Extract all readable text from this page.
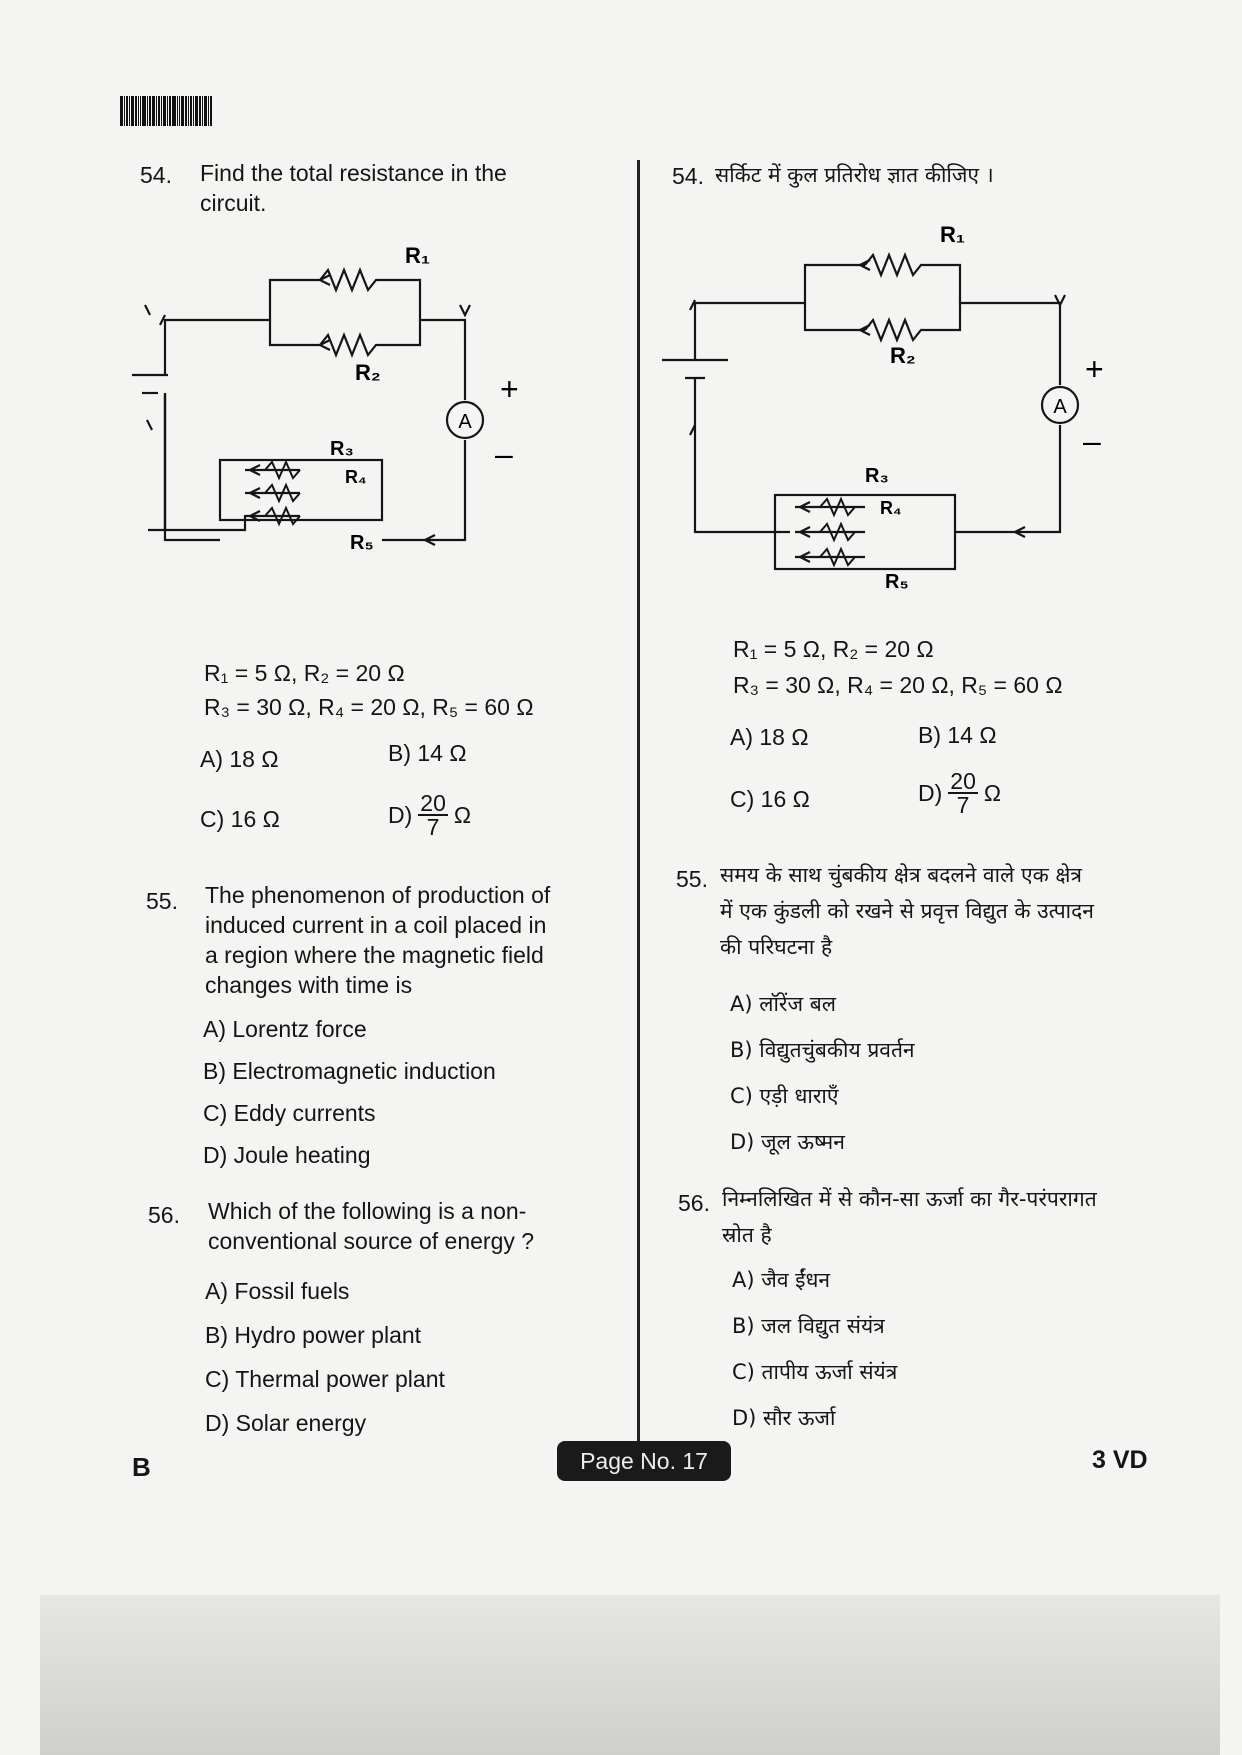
54. Find the total resistance in the
circuit.
A
+
–
R₁
R₂
R₃
R₄
R₅
R₁ = 5 Ω, R₂ = 20 Ω
R₃ = 30 Ω, R₄ = 20 Ω, R₅ = 60 Ω
A) 18 Ω	B) 14 Ω
C) 16 Ω	$D) \frac{20}{7}$ Ω
55. The phenomenon of production of
induced current in a coil placed in
a region where the magnetic field
changes with time is
A) Lorentz force
B) Electromagnetic induction
C) Eddy currents
D) Joule heating
56. Which of the following is a non-
conventional source of energy ?
A) Fossil fuels
B) Hydro power plant
C) Thermal power plant
D) Solar energy
54. सर्किट में कुल प्रतिरोध ज्ञात कीजिए ।
A
+
–
R₁
R₂
R₃
R₄
R₅
R₁ = 5 Ω, R₂ = 20 Ω
R₃ = 30 Ω, R₄ = 20 Ω, R₅ = 60 Ω
A) 18 Ω	B) 14 Ω
C) 16 Ω	$D) \frac{20}{7}$ Ω
55. समय के साथ चुंबकीय क्षेत्र बदलने वाले एक क्षेत्र
में एक कुंडली को रखने से प्रवृत्त विद्युत के उत्पादन
की परिघटना है
A) लॉरेंज बल
B) विद्युतचुंबकीय प्रवर्तन
C) एड़ी धाराएँ
D) जूल ऊष्मन
56. निम्नलिखित में से कौन-सा ऊर्जा का गैर-परंपरागत
स्रोत है
A) जैव ईंधन
B) जल विद्युत संयंत्र
C) तापीय ऊर्जा संयंत्र
D) सौर ऊर्जा
B	Page No. 17	3 VD
